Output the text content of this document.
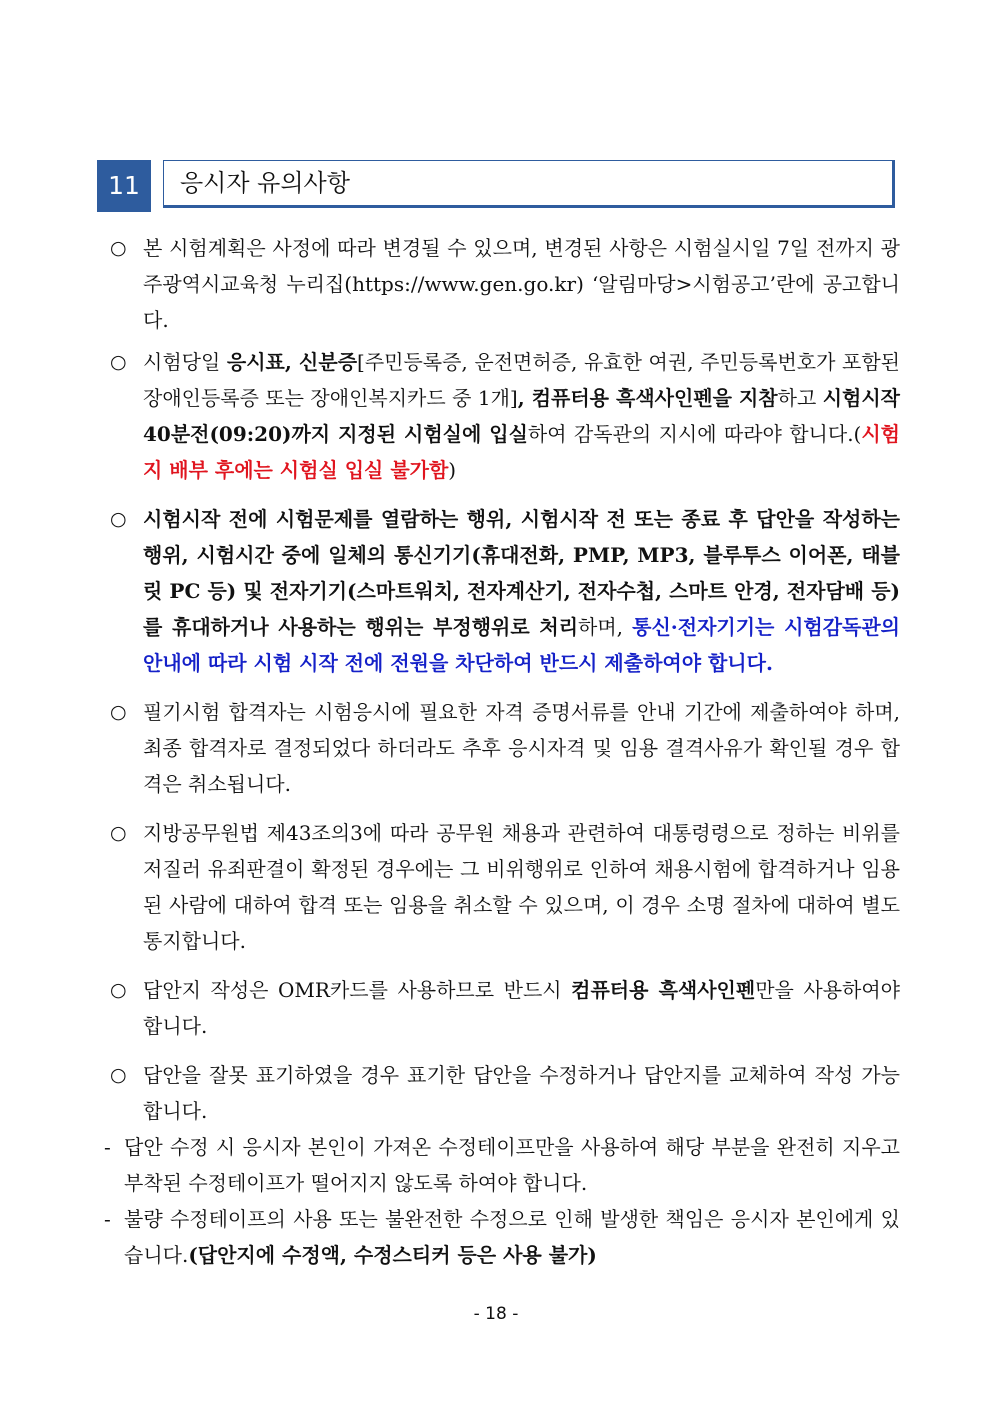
11	응시자 유의사항
○ 본 시험계획은 사정에 따라 변경될 수 있으며, 변경된 사항은 시험실시일 7일 전까지 광주광역시교육청 누리집(https://www.gen.go.kr) ‘알림마당>시험공고’란에 공고합니다.
○ 시험당일 응시표, 신분증[주민등록증, 운전면허증, 유효한 여권, 주민등록번호가 포함된 장애인등록증 또는 장애인복지카드 중 1개], 컴퓨터용 흑색사인펜을 지참하고 시험시작 40분전(09:20)까지 지정된 시험실에 입실하여 감독관의 지시에 따라야 합니다.(시험지 배부 후에는 시험실 입실 불가함)
○ 시험시작 전에 시험문제를 열람하는 행위, 시험시작 전 또는 종료 후 답안을 작성하는 행위, 시험시간 중에 일체의 통신기기(휴대전화, PMP, MP3, 블루투스 이어폰, 태블릿 PC 등) 및 전자기기(스마트워치, 전자계산기, 전자수첩, 스마트 안경, 전자담배 등)를 휴대하거나 사용하는 행위는 부정행위로 처리하며, 통신·전자기기는 시험감독관의 안내에 따라 시험 시작 전에 전원을 차단하여 반드시 제출하여야 합니다.
○ 필기시험 합격자는 시험응시에 필요한 자격 증명서류를 안내 기간에 제출하여야 하며, 최종 합격자로 결정되었다 하더라도 추후 응시자격 및 임용 결격사유가 확인될 경우 합격은 취소됩니다.
○ 지방공무원법 제43조의3에 따라 공무원 채용과 관련하여 대통령령으로 정하는 비위를 저질러 유죄판결이 확정된 경우에는 그 비위행위로 인하여 채용시험에 합격하거나 임용된 사람에 대하여 합격 또는 임용을 취소할 수 있으며, 이 경우 소명 절차에 대하여 별도 통지합니다.
○ 답안지 작성은 OMR카드를 사용하므로 반드시 컴퓨터용 흑색사인펜만을 사용하여야 합니다.
○ 답안을 잘못 표기하였을 경우 표기한 답안을 수정하거나 답안지를 교체하여 작성 가능합니다.
- 답안 수정 시 응시자 본인이 가져온 수정테이프만을 사용하여 해당 부분을 완전히 지우고 부착된 수정테이프가 떨어지지 않도록 하여야 합니다.
- 불량 수정테이프의 사용 또는 불완전한 수정으로 인해 발생한 책임은 응시자 본인에게 있습니다.(답안지에 수정액, 수정스티커 등은 사용 불가)
- 18 -
